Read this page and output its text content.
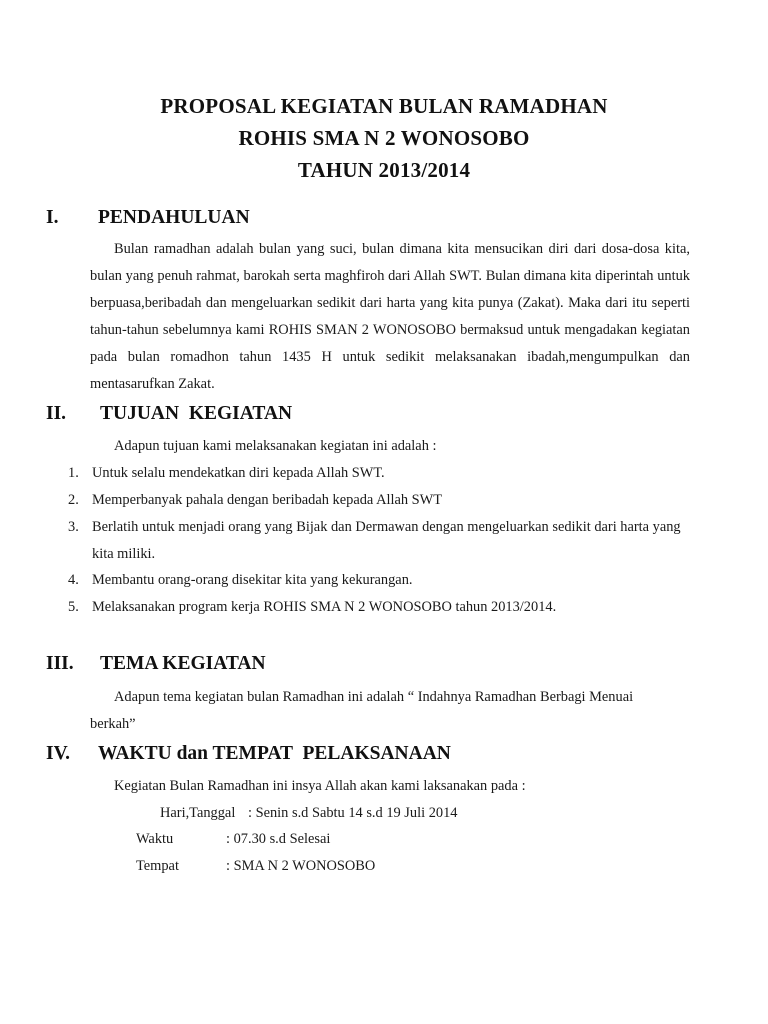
PROPOSAL KEGIATAN BULAN RAMADHAN
ROHIS SMA N 2 WONOSOBO
TAHUN 2013/2014
I. PENDAHULUAN
Bulan ramadhan adalah bulan yang suci, bulan dimana kita mensucikan diri dari dosa-dosa kita, bulan yang penuh rahmat, barokah serta maghfiroh dari Allah SWT. Bulan dimana kita diperintah untuk berpuasa,beribadah dan mengeluarkan sedikit dari harta yang kita punya (Zakat). Maka dari itu seperti tahun-tahun sebelumnya kami ROHIS SMAN 2 WONOSOBO bermaksud untuk mengadakan kegiatan pada bulan romadhon tahun 1435 H untuk sedikit melaksanakan ibadah,mengumpulkan dan mentasarufkan Zakat.
II. TUJUAN  KEGIATAN
Adapun tujuan kami melaksanakan kegiatan ini adalah :
1. Untuk selalu mendekatkan diri kepada Allah SWT.
2. Memperbanyak pahala dengan beribadah kepada Allah SWT
3. Berlatih untuk menjadi orang yang Bijak dan Dermawan dengan mengeluarkan sedikit dari harta yang kita miliki.
4. Membantu orang-orang disekitar kita yang kekurangan.
5. Melaksanakan program kerja ROHIS SMA N 2 WONOSOBO tahun 2013/2014.
III. TEMA KEGIATAN
Adapun tema kegiatan bulan Ramadhan ini adalah “ Indahnya Ramadhan Berbagi Menuai berkah”
IV. WAKTU dan TEMPAT  PELAKSANAAN
Kegiatan Bulan Ramadhan ini insya Allah akan kami laksanakan pada :
Hari,Tanggal : Senin s.d Sabtu 14 s.d 19 Juli 2014
Waktu	: 07.30 s.d Selesai
Tempat	: SMA N 2 WONOSOBO
